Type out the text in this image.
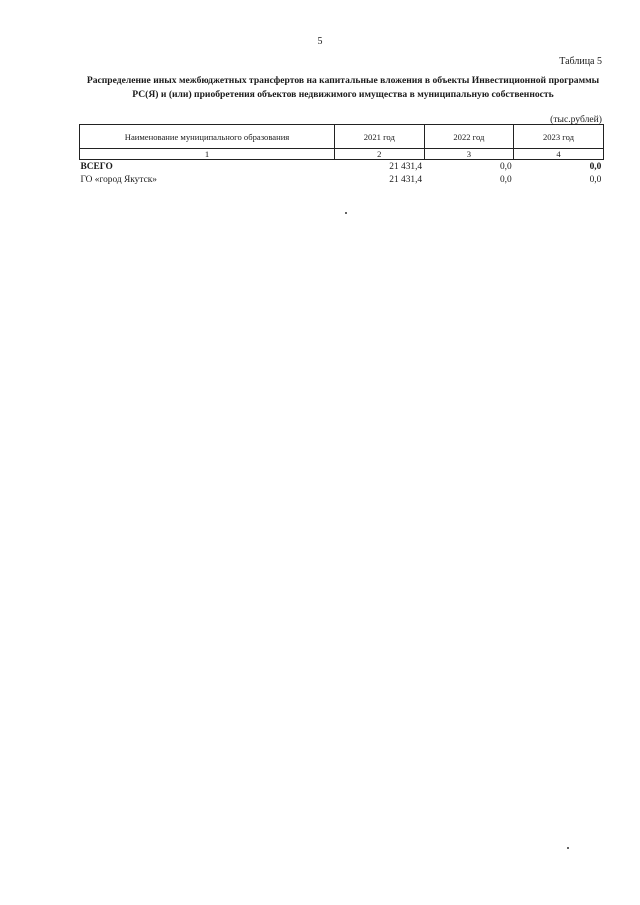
5
Таблица 5
Распределение иных межбюджетных трансфертов на капитальные вложения в объекты Инвестиционной программы
РС(Я) и (или) приобретения объектов недвижимого имущества в муниципальную собственность
(тыс.рублей)
Наименование муниципального образования	2021 год	2022 год	2023 год
1	2	3	4
ВСЕГО	21 431,4	0,0	0,0
ГО «город Якутск»	21 431,4	0,0	0,0
